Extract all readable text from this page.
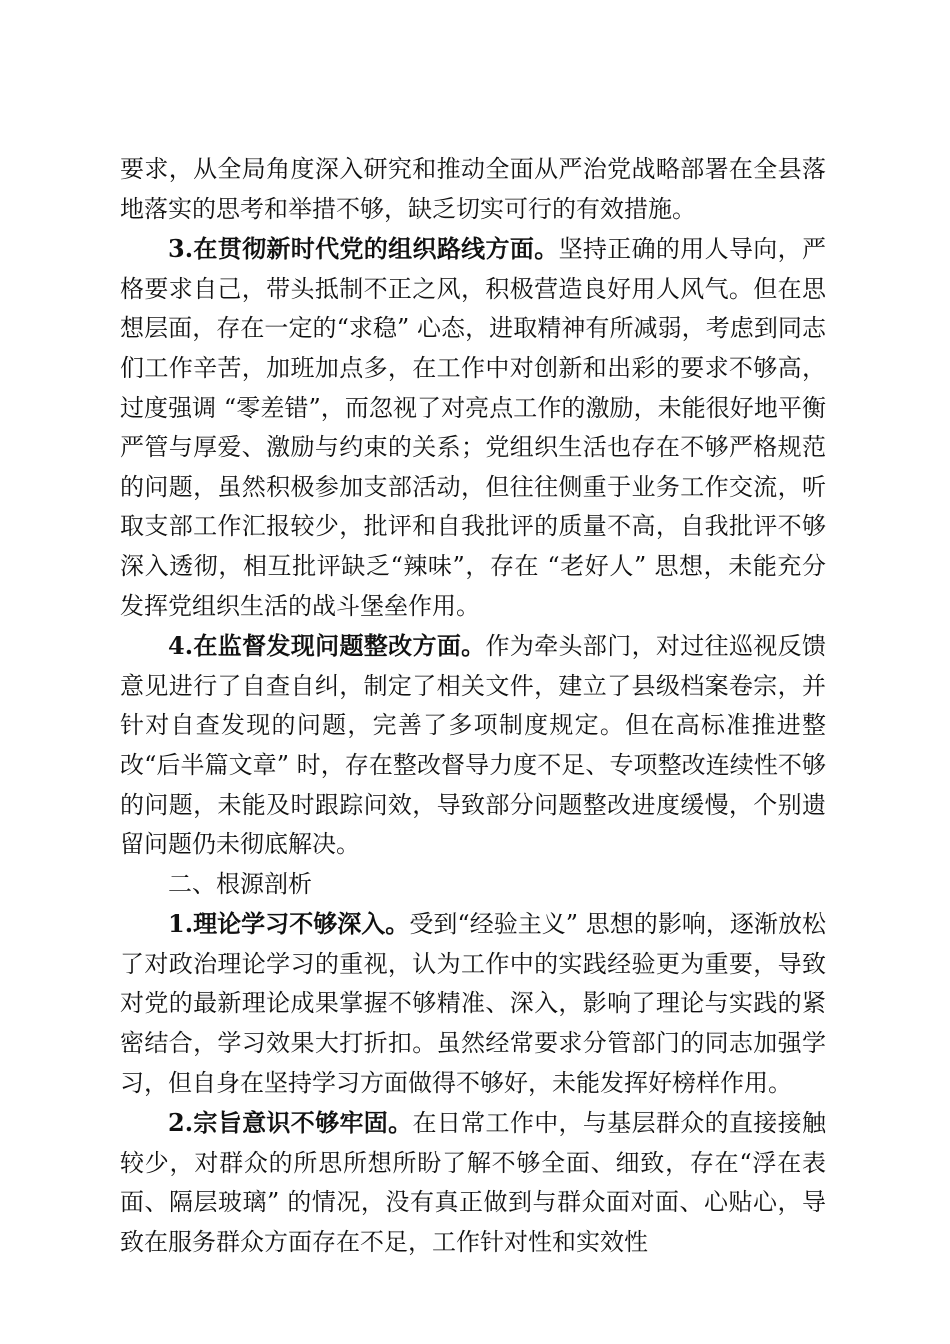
要求，从全局角度深入研究和推动全面从严治党战略部署在全县落地落实的思考和举措不够，缺乏切实可行的有效措施。

3.在贯彻新时代党的组织路线方面。坚持正确的用人导向，严格要求自己，带头抵制不正之风，积极营造良好用人风气。但在思想层面，存在一定的“求稳” 心态，进取精神有所减弱，考虑到同志们工作辛苦，加班加点多，在工作中对创新和出彩的要求不够高，过度强调 “零差错”，而忽视了对亮点工作的激励，未能很好地平衡严管与厚爱、激励与约束的关系；党组织生活也存在不够严格规范的问题，虽然积极参加支部活动，但往往侧重于业务工作交流，听取支部工作汇报较少，批评和自我批评的质量不高，自我批评不够深入透彻，相互批评缺乏“辣味”，存在 “老好人” 思想，未能充分发挥党组织生活的战斗堡垒作用。

4.在监督发现问题整改方面。作为牵头部门，对过往巡视反馈意见进行了自查自纠，制定了相关文件，建立了县级档案卷宗，并针对自查发现的问题，完善了多项制度规定。但在高标准推进整改“后半篇文章” 时，存在整改督导力度不足、专项整改连续性不够的问题，未能及时跟踪问效，导致部分问题整改进度缓慢，个别遗留问题仍未彻底解决。

二、根源剖析

1.理论学习不够深入。受到“经验主义” 思想的影响，逐渐放松了对政治理论学习的重视，认为工作中的实践经验更为重要，导致对党的最新理论成果掌握不够精准、深入，影响了理论与实践的紧密结合，学习效果大打折扣。虽然经常要求分管部门的同志加强学习，但自身在坚持学习方面做得不够好，未能发挥好榜样作用。

2.宗旨意识不够牢固。在日常工作中，与基层群众的直接接触较少，对群众的所思所想所盼了解不够全面、细致，存在“浮在表面、隔层玻璃” 的情况，没有真正做到与群众面对面、心贴心，导致在服务群众方面存在不足，工作针对性和实效性
